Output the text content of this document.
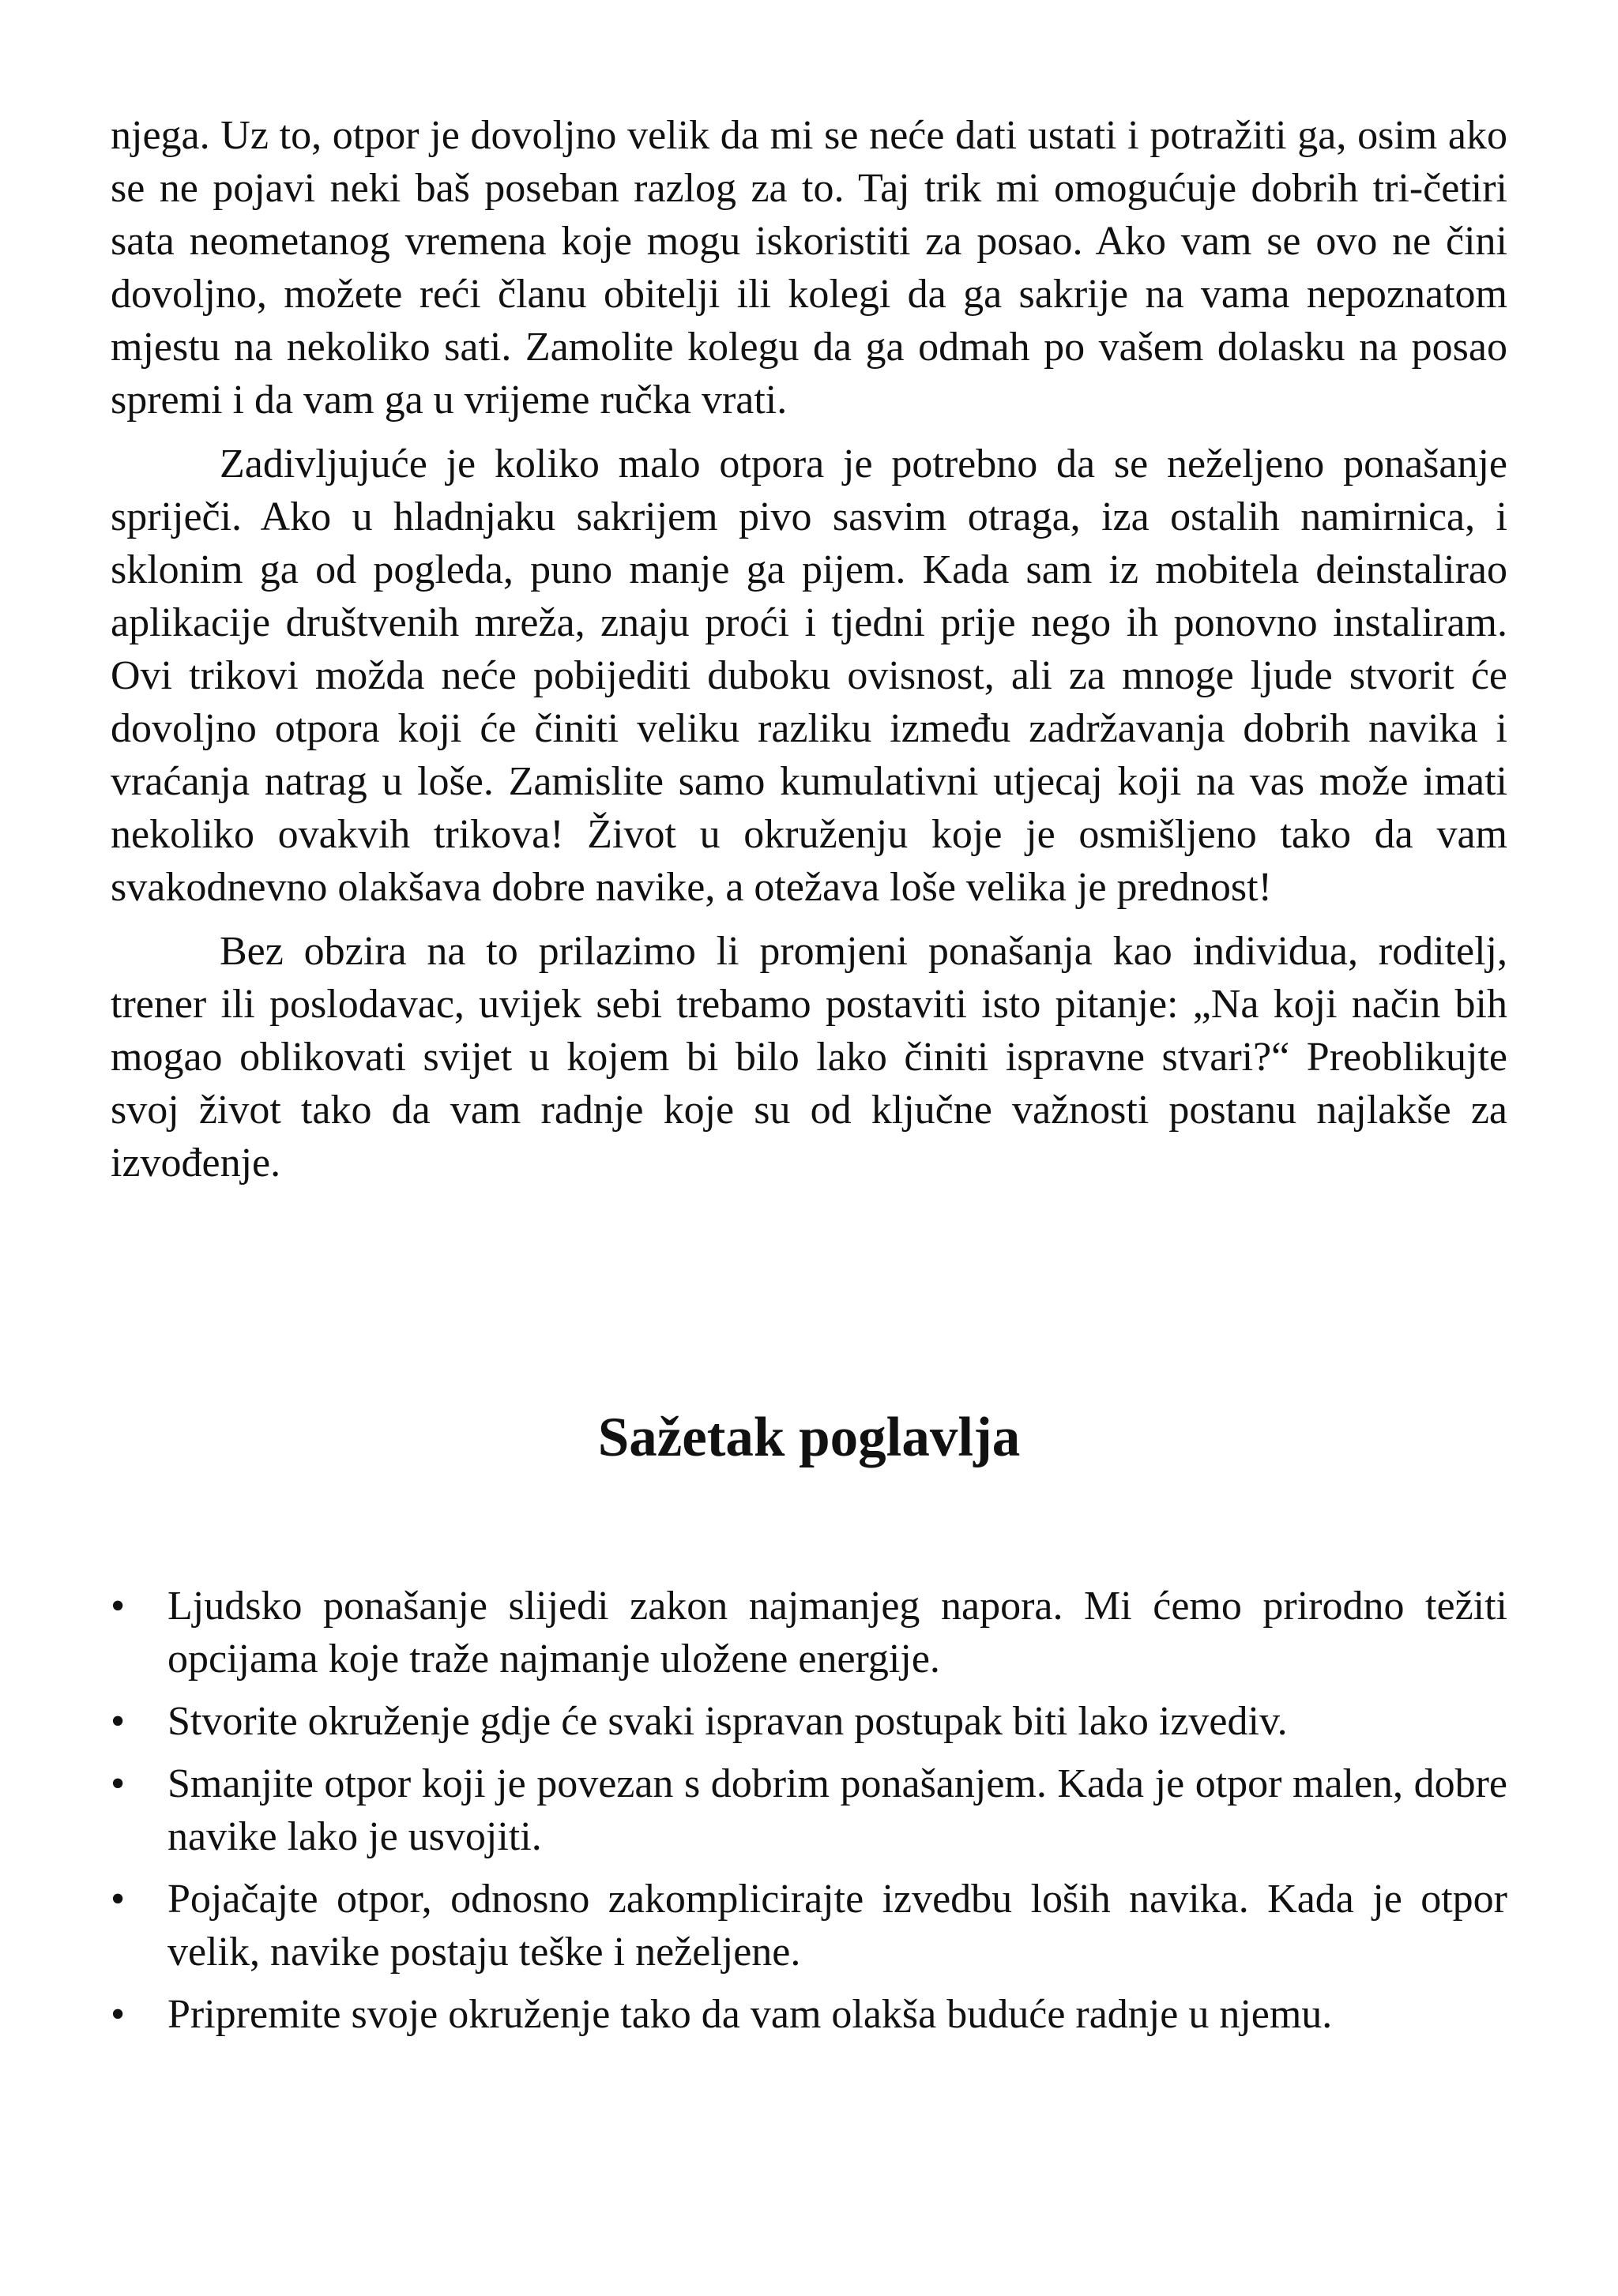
njega. Uz to, otpor je dovoljno velik da mi se neće dati ustati i potražiti ga, osim ako se ne pojavi neki baš poseban razlog za to. Taj trik mi omogućuje dobrih tri-četiri sata neometanog vremena koje mogu iskoristiti za posao. Ako vam se ovo ne čini dovoljno, možete reći članu obitelji ili kolegi da ga sakrije na vama nepoznatom mjestu na nekoliko sati. Zamolite kolegu da ga odmah po vašem dolasku na posao spremi i da vam ga u vrijeme ručka vrati.

Zadivljujuće je koliko malo otpora je potrebno da se neželjeno ponašanje spriječi. Ako u hladnjaku sakrijem pivo sasvim otraga, iza ostalih namirnica, i sklonim ga od pogleda, puno manje ga pijem. Kada sam iz mobitela deinstalirao aplikacije društvenih mreža, znaju proći i tjedni prije nego ih ponovno instaliram. Ovi trikovi možda neće pobijediti duboku ovisnost, ali za mnoge ljude stvorit će dovoljno otpora koji će činiti veliku razliku između zadržavanja dobrih navika i vraćanja natrag u loše. Zamislite samo kumulativni utjecaj koji na vas može imati nekoliko ovakvih trikova! Život u okruženju koje je osmišljeno tako da vam svakodnevno olakšava dobre navike, a otežava loše velika je prednost!

Bez obzira na to prilazimo li promjeni ponašanja kao individua, roditelj, trener ili poslodavac, uvijek sebi trebamo postaviti isto pitanje: „Na koji način bih mogao oblikovati svijet u kojem bi bilo lako činiti ispravne stvari?“ Preoblikujte svoj život tako da vam radnje koje su od ključne važnosti postanu najlakše za izvođenje.

Sažetak poglavlja
•	Ljudsko ponašanje slijedi zakon najmanjeg napora. Mi ćemo prirodno težiti opcijama koje traže najmanje uložene energije.
•	Stvorite okruženje gdje će svaki ispravan postupak biti lako izvediv.
•	Smanjite otpor koji je povezan s dobrim ponašanjem. Kada je otpor malen, dobre navike lako je usvojiti.
•	Pojačajte otpor, odnosno zakomplicirajte izvedbu loših navika. Kada je otpor velik, navike postaju teške i neželjene.
•	Pripremite svoje okruženje tako da vam olakša buduće radnje u njemu.
